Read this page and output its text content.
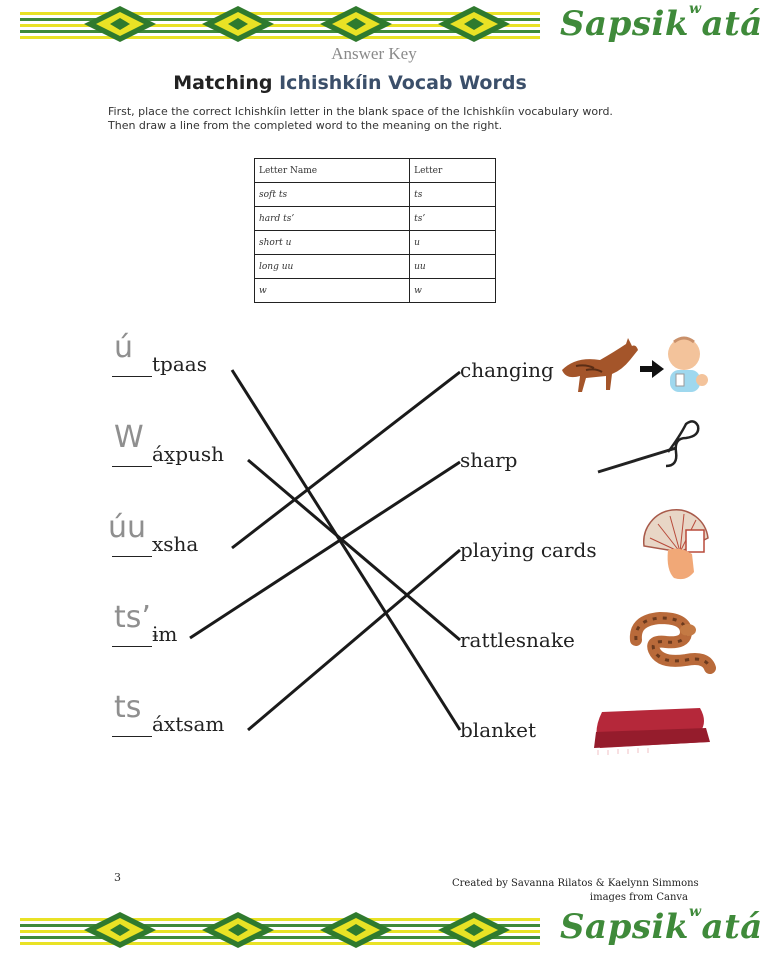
Sapsik$^w$atá
Answer Key
Matching Ichishkíin Vocab Words
First, place the correct Ichishkíin letter in the blank space of the Ichishkíin vocabulary word.
Then draw a line from the completed word to the meaning on the right.
Letter Name	Letter
soft ts	ts
hard ts’	ts’
short u	u
long uu	uu
w	w
tpaas
ú
áx̱push
W
xsha
úu
ɨm
ts’
áxtsam
ts
changing
sharp
playing cards
rattlesnake
blanket
3	Created by Savanna Rilatos & Kaelynn Simmons
images from Canva
Sapsik$^w$atá
